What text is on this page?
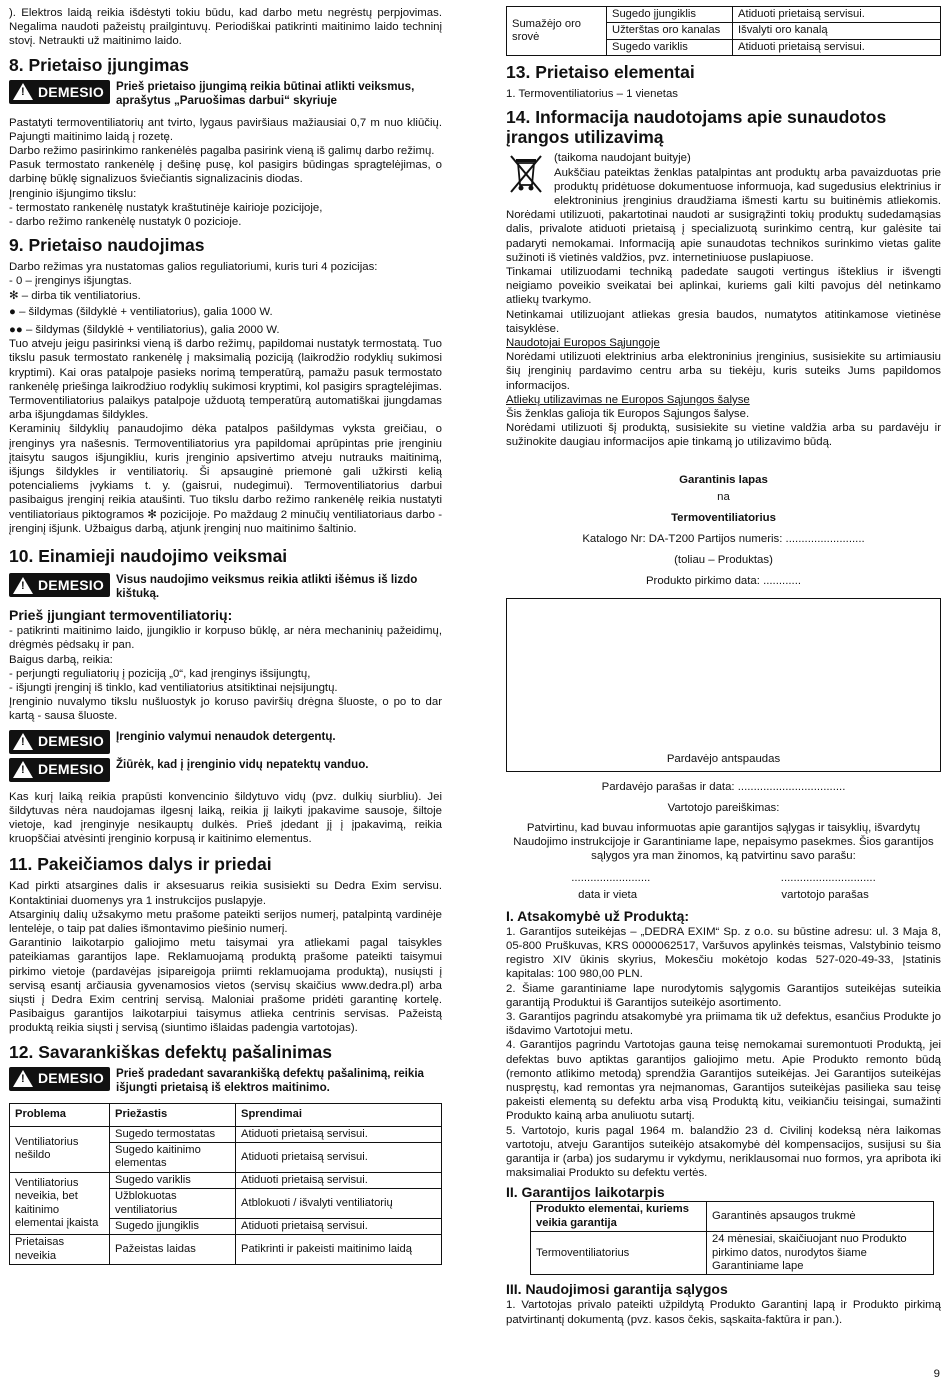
). Elektros laidą reikia išdėstyti tokiu būdu, kad darbo metu negrėstų perpjovimas. Negalima naudoti pažeistų prailgintuvų. Periodiškai patikrinti maitinimo laido techninį stovį. Netraukti už maitinimo laido.

8. Prietaiso įjungimas
! DEMESIO Prieš prietaiso įjungimą reikia būtinai atlikti veiksmus, aprašytus „Paruošimas darbui“ skyriuje

Pastatyti termoventiliatorių ant tvirto, lygaus paviršiaus mažiausiai 0,7 m nuo kliūčių. Pajungti maitinimo laidą į rozetę.

Darbo režimo pasirinkimo rankenėlės pagalba pasirink vieną iš galimų darbo režimų.

Pasuk termostato rankenėlę į dešinę pusę, kol pasigirs būdingas spragtelėjimas, o darbinę būklę signalizuos šviečiantis signalizacinis diodas.

Įrenginio išjungimo tikslu:

- termostato rankenėlę nustatyk kraštutinėje kairioje pozicijoje,

- darbo režimo rankenėlę nustatyk 0 pozicioje.

9. Prietaiso naudojimas

Darbo režimas yra nustatomas galios reguliatoriumi, kuris turi 4 pozicijas:

- 0 – įrenginys išjungtas.

✻ – dirba tik ventiliatorius.

● – šildymas (šildyklė + ventiliatorius), galia 1000 W.

●● – šildymas (šildyklė + ventiliatorius), galia 2000 W.

Tuo atveju jeigu pasirinksi vieną iš darbo režimų, papildomai nustatyk termostatą. Tuo tikslu pasuk termostato rankenėlę į maksimalią poziciją (laikrodžio rodyklių sukimosi kryptimi). Kai oras patalpoje pasieks norimą temperatūrą, pamažu pasuk termostato rankenėlę priešinga laikrodžiuo rodyklių sukimosi kryptimi, kol pasigirs spragtelėjimas. Termoventiliatorius palaikys patalpoje užduotą temperatūrą automatiškai įjungdamas arba išjungdamas šildykles.

Keraminių šildyklių panaudojimo dėka patalpos pašildymas vyksta greičiau, o įrenginys yra našesnis. Termoventiliatorius yra papildomai aprūpintas prie įrenginiu įtaisytu saugos išjungikliu, kuris įrenginio apsivertimo atveju nutrauks maitinimą, išjungs šildykles ir ventiliatorių. Ši apsauginė priemonė gali užkirsti kelią potencialiems įvykiams t. y. (gaisrui, nudegimui). Termoventiliatorius darbui pasibaigus įrenginį reikia ataušinti. Tuo tikslu darbo režimo rankenėlę reikia nustatyti ventiliatoriaus piktogramos ✻ pozicijoje. Po maždaug 2 minučių ventiliatoriaus darbo - įrenginį išjunk. Užbaigus darbą, atjunk įrenginį nuo maitinimo šaltinio.

10. Einamieji naudojimo veiksmai
! DEMESIO Visus naudojimo veiksmus reikia atlikti išėmus iš lizdo kištuką.
Prieš įjungiant termoventiliatorių:

- patikrinti maitinimo laido, įjungiklio ir korpuso būklę, ar nėra mechaninių pažeidimų, drėgmės pėdsakų ir pan.

Baigus darbą, reikia:

- perjungti reguliatorių į poziciją „0“, kad įrenginys išsijungtų,

- išjungti įrenginį iš tinklo, kad ventiliatorius atsitiktinai neįsijungtų.

Įrenginio nuvalymo tikslu nušluostyk jo koruso paviršių drėgna šluoste, o po to dar kartą - sausa šluoste.

! DEMESIO Įrenginio valymui nenaudok detergentų.
! DEMESIO Žiūrėk, kad į įrenginio vidų nepatektų vanduo.

Kas kurį laiką reikia prapūsti konvencinio šildytuvo vidų (pvz. dulkių siurbliu). Jei šildytuvas nėra naudojamas ilgesnį laiką, reikia jį laikyti įpakavime sausoje, šiltoje vietoje, kad įrenginyje nesikauptų dulkės. Prieš įdedant jį į įpakavimą, reikia kruopščiai atvėsinti įrenginio korpusą ir kaitinimo elementus.

11. Pakeičiamos dalys ir priedai

Kad pirkti atsargines dalis ir aksesuarus reikia susisiekti su Dedra Exim servisu. Kontaktiniai duomenys yra 1 instrukcijos puslapyje.

Atsarginių dalių užsakymo metu prašome pateikti serijos numerį, patalpintą vardinėje lentelėje, o taip pat dalies išmontavimo piešinio numerį.

Garantinio laikotarpio galiojimo metu taisymai yra atliekami pagal taisykles pateikiamas garantijos lape. Reklamuojamą produktą prašome pateikti taisymui pirkimo vietoje (pardavėjas įsipareigoja priimti reklamuojama produktą), nusiųsti į servisą esantį arčiausia gyvenamosios vietos (servisų skaičius www.dedra.pl) arba siųsti į Dedra Exim centrinį servisą. Maloniai prašome pridėti garantinę kortelę. Pasibaigus garantijos laikotarpiui taisymus atlieka centrinis servisas. Pažeistą produktą reikia siųsti į servisą (siuntimo išlaidas padengia vartotojas).

12. Savarankiškas defektų pašalinimas
! DEMESIO Prieš pradedant savarankišką defektų pašalinimą, reikia išjungti prietaisą iš elektros maitinimo.
Problema	Priežastis	Sprendimai
Ventiliatorius nešildo	Sugedo termostatas	Atiduoti prietaisą servisui.
	Sugedo kaitinimo elementas	Atiduoti prietaisą servisui.
Ventiliatorius neveikia, bet kaitinimo elementai įkaista	Sugedo variklis	Atiduoti prietaisą servisui.
	Užblokuotas ventiliatorius	Atblokuoti / išvalyti ventiliatorių
	Sugedo įjungiklis	Atiduoti prietaisą servisui.
Prietaisas neveikia	Pažeistas laidas	Patikrinti ir pakeisti maitinimo laidą
Sumažėjo oro srovė	Sugedo įjungiklis	Atiduoti prietaisą servisui.
	Užterštas oro kanalas	Išvalyti oro kanalą
	Sugedo variklis	Atiduoti prietaisą servisui.
13. Prietaiso elementai

1. Termoventiliatorius – 1 vienetas

14. Informacija naudotojams apie sunaudotos įrangos utilizavimą

(taikoma naudojant buityje)

Aukščiau pateiktas ženklas patalpintas ant produktų arba pavaizduotas prie produktų pridėtuose dokumentuose informuoja, kad sugedusius elektrinius ir elektroninius įrenginius draudžiama išmesti kartu su buitinėmis atliekomis. Norėdami utilizuoti, pakartotinai naudoti ar susigrąžinti tokių produktų sudedamąsias dalis, privalote atiduoti prietaisą į specializuotą surinkimo centrą, kur galėsite tai padaryti nemokamai. Informaciją apie sunaudotas technikos surinkimo vietas galite sužinoti iš vietinės valdžios, pvz. internetiniuose puslapiuose.

Tinkamai utilizuodami techniką padedate saugoti vertingus išteklius ir išvengti neigiamo poveikio sveikatai bei aplinkai, kuriems gali kilti pavojus dėl netinkamo atliekų tvarkymo.

Netinkamai utilizuojant atliekas gresia baudos, numatytos atitinkamose vietinėse taisyklėse.

Naudotojai Europos Sąjungoje

Norėdami utilizuoti elektrinius arba elektroninius įrenginius, susisiekite su artimiausiu šių įrenginių pardavimo centru arba su tiekėju, kuris suteiks Jums papildomos informacijos.

Atliekų utilizavimas ne Europos Sąjungos šalyse

Šis ženklas galioja tik Europos Sąjungos šalyse.

Norėdami utilizuoti šį produktą, susisiekite su vietine valdžia arba su pardavėju ir sužinokite daugiau informacijos apie tinkamą jo utilizavimo būdą.

Garantinis lapas
na
Termoventiliatorius
Katalogo Nr: DA-T200 Partijos numeris: .........................
(toliau – Produktas)
Produkto pirkimo data: ............
Pardavėjo antspaudas
Pardavėjo parašas ir data: ..................................
Vartotojo pareiškimas:
Patvirtinu, kad buvau informuotas apie garantijos sąlygas ir taisyklių, išvardytų Naudojimo instrukcijoje ir Garantiniame lape, nepaisymo pasekmes. Šios garantijos sąlygos yra man žinomos, ką patvirtinu savo parašu:
.........................	..............................
data ir vieta	vartotojo parašas
I. Atsakomybė už Produktą:

1. Garantijos suteikėjas – „DEDRA EXIM“ Sp. z o.o. su būstine adresu: ul. 3 Maja 8, 05-800 Pruškuvas, KRS 0000062517, Varšuvos apylinkės teismas, Valstybinio teismo registro XIV ūkinis skyrius, Mokesčiu mokėtojo kodas 527-020-49-33, Įstatinis kapitalas: 100 980,00 PLN.

2. Šiame garantiniame lape nurodytomis sąlygomis Garantijos suteikėjas suteikia garantiją Produktui iš Garantijos suteikėjo asortimento.

3. Garantijos pagrindu atsakomybė yra priimama tik už defektus, esančius Produkte jo išdavimo Vartotojui metu.

4. Garantijos pagrindu Vartotojas gauna teisę nemokamai suremontuoti Produktą, jei defektas buvo aptiktas garantijos galiojimo metu. Apie Produkto remonto būdą (remonto atlikimo metodą) sprendžia Garantijos suteikėjas. Jei Garantijos suteikėjas nuspręstų, kad remontas yra neįmanomas, Garantijos suteikėjas pasilieka sau teisę pakeisti elementą su defektu arba visą Produktą kitu, veikiančiu teisingai, sumažinti Produkto kainą arba anuliuotu sutartį.

5. Vartotojo, kuris pagal 1964 m. balandžio 23 d. Civilinį kodeksą nėra laikomas vartotoju, atveju Garantijos suteikėjo atsakomybė dėl kompensacijos, susijusi su šia garantija ir (arba) jos sudarymu ir vykdymu, neriklausomai nuo formos, yra apribota iki maksimaliai Produkto su defektu vertės.

II. Garantijos laikotarpis
Produkto elementai, kuriems veikia garantija	Garantinės apsaugos trukmė
Termoventiliatorius	24 mėnesiai, skaičiuojant nuo Produkto pirkimo datos, nurodytos šiame Garantiniame lape
III. Naudojimosi garantija sąlygos

1. Vartotojas privalo pateikti užpildytą Produkto Garantinį lapą ir Produkto pirkimą patvirtinantį dokumentą (pvz. kasos čekis, sąskaita-faktūra ir pan.).

9
